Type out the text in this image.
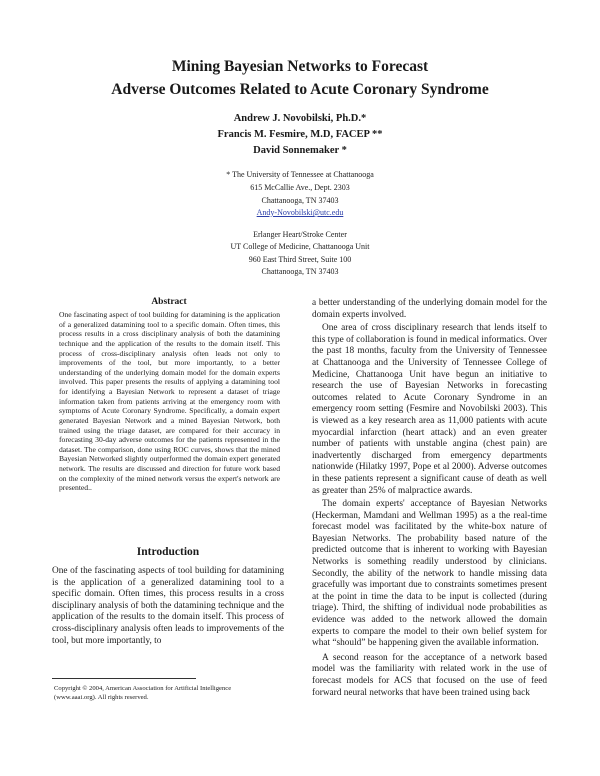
Mining Bayesian Networks to Forecast
Adverse Outcomes Related to Acute Coronary Syndrome
Andrew J. Novobilski, Ph.D.*
Francis M. Fesmire, M.D, FACEP **
David Sonnemaker *
* The University of Tennessee at Chattanooga
615 McCallie Ave., Dept. 2303
Chattanooga, TN 37403
Andy-Novobilski@utc.edu
Erlanger Heart/Stroke Center
UT College of Medicine, Chattanooga Unit
960 East Third Street, Suite 100
Chattanooga, TN 37403
Abstract

One fascinating aspect of tool building for datamining is the application of a generalized datamining tool to a specific domain. Often times, this process results in a cross disciplinary analysis of both the datamining technique and the application of the results to the domain itself. This process of cross-disciplinary analysis often leads not only to improvements of the tool, but more importantly, to a better understanding of the underlying domain model for the domain experts involved. This paper presents the results of applying a datamining tool for identifying a Bayesian Network to represent a dataset of triage information taken from patients arriving at the emergency room with symptoms of Acute Coronary Syndrome. Specifically, a domain expert generated Bayesian Network and a mined Bayesian Network, both trained using the triage dataset, are compared for their accuracy in forecasting 30-day adverse outcomes for the patients represented in the dataset. The comparison, done using ROC curves, shows that the mined Bayesian Networked slightly outperformed the domain expert generated network. The results are discussed and direction for future work based on the complexity of the mined network versus the expert's network are presented..

Introduction

One of the fascinating aspects of tool building for datamining is the application of a generalized datamining tool to a specific domain. Often times, this process results in a cross disciplinary analysis of both the datamining technique and the application of the results to the domain itself. This process of cross-disciplinary analysis often leads to improvements of the tool, but more importantly, to

Copyright © 2004, American Association for Artificial Intelligence
(www.aaai.org). All rights reserved.

a better understanding of the underlying domain model for the domain experts involved.

One area of cross disciplinary research that lends itself to this type of collaboration is found in medical informatics. Over the past 18 months, faculty from the University of Tennessee at Chattanooga and the University of Tennessee College of Medicine, Chattanooga Unit have begun an initiative to research the use of Bayesian Networks in forecasting outcomes related to Acute Coronary Syndrome in an emergency room setting (Fesmire and Novobilski 2003). This is viewed as a key research area as 11,000 patients with acute myocardial infarction (heart attack) and an even greater number of patients with unstable angina (chest pain) are inadvertently discharged from emergency departments nationwide (Hilatky 1997, Pope et al 2000). Adverse outcomes in these patients represent a significant cause of death as well as greater than 25% of malpractice awards.

The domain experts' acceptance of Bayesian Networks (Heckerman, Mamdani and Wellman 1995) as a the real-time forecast model was facilitated by the white-box nature of Bayesian Networks. The probability based nature of the predicted outcome that is inherent to working with Bayesian Networks is something readily understood by clinicians. Secondly, the ability of the network to handle missing data gracefully was important due to constraints sometimes present at the point in time the data to be input is collected (during triage). Third, the shifting of individual node probabilities as evidence was added to the network allowed the domain experts to compare the model to their own belief system for what “should” be happening given the available information.

A second reason for the acceptance of a network based model was the familiarity with related work in the use of forecast models for ACS that focused on the use of feed forward neural networks that have been trained using back
